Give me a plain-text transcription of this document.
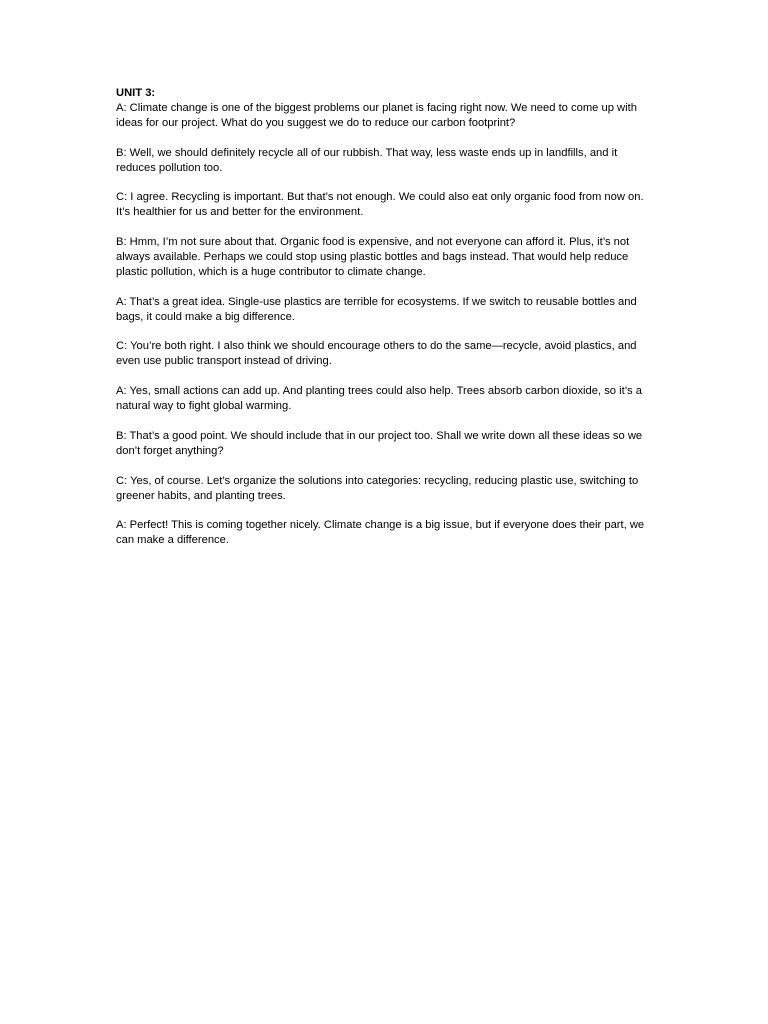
UNIT 3:

A: Climate change is one of the biggest problems our planet is facing right now. We need to come up with ideas for our project. What do you suggest we do to reduce our carbon footprint?

B: Well, we should definitely recycle all of our rubbish. That way, less waste ends up in landfills, and it reduces pollution too.

C: I agree. Recycling is important. But that’s not enough. We could also eat only organic food from now on. It’s healthier for us and better for the environment.

B: Hmm, I’m not sure about that. Organic food is expensive, and not everyone can afford it. Plus, it’s not always available. Perhaps we could stop using plastic bottles and bags instead. That would help reduce plastic pollution, which is a huge contributor to climate change.

A: That’s a great idea. Single-use plastics are terrible for ecosystems. If we switch to reusable bottles and bags, it could make a big difference.

C: You’re both right. I also think we should encourage others to do the same—recycle, avoid plastics, and even use public transport instead of driving.

A: Yes, small actions can add up. And planting trees could also help. Trees absorb carbon dioxide, so it’s a natural way to fight global warming.

B: That’s a good point. We should include that in our project too. Shall we write down all these ideas so we don’t forget anything?

C: Yes, of course. Let’s organize the solutions into categories: recycling, reducing plastic use, switching to greener habits, and planting trees.

A: Perfect! This is coming together nicely. Climate change is a big issue, but if everyone does their part, we can make a difference.
